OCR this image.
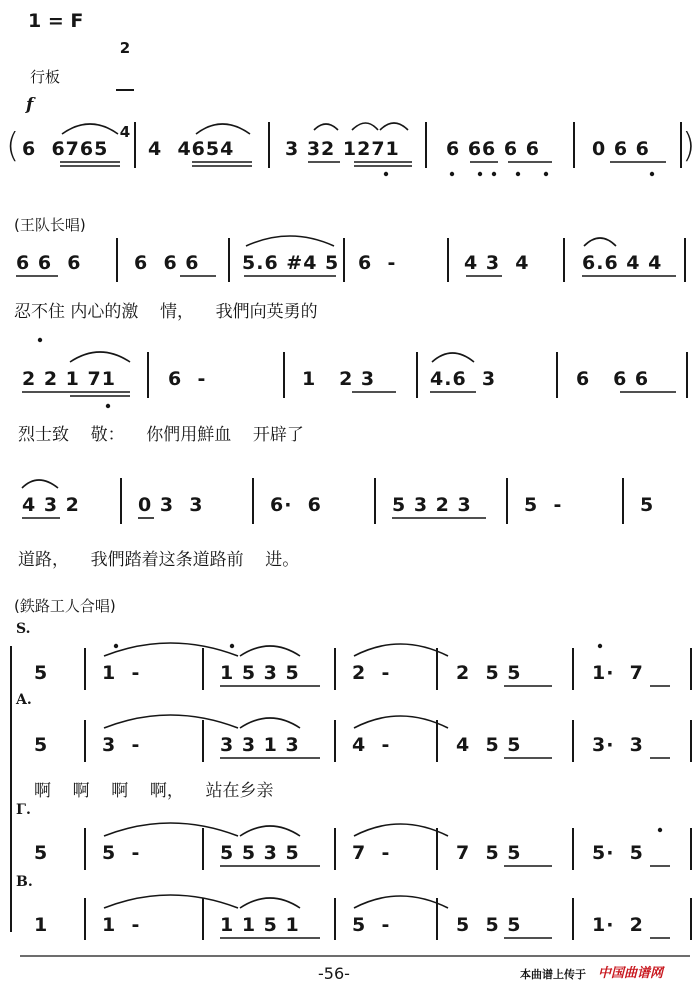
1 = F

2

4

行板
f
(	)
6  6765 4  4654	3 32 1271 6 66 6 6	0 6 6
(王队长唱)
6 6  6	6  6 6 5.6 #4 5 6  -	4 3  4	6.6 4 4
忍不住 内心的激    情，    我們向英勇的
2 2 1 71	6  -	1   2 3	4.6  3	6   6 6
烈士致    敬：    你們用鮮血    开辟了
4 3 2	0 3  3	6·  6	5 3 2 3	5  -	5
道路，    我們踏着这条道路前    进。
(鉄路工人合唱)
S.
5	1  -	1 5 3 5	2  -	2  5 5	1·  7
A.
5	3  -	3 3 1 3	4  -	4  5 5	3·  3
啊    啊    啊    啊，    站在乡亲
Γ.
5	5  -	5 5 3 5	7  -	7  5 5	5·  5
B.
1	1  -	1 1 5 1	5  -	5  5 5	1·  2
-56-	本曲谱上传于 中国曲谱网
